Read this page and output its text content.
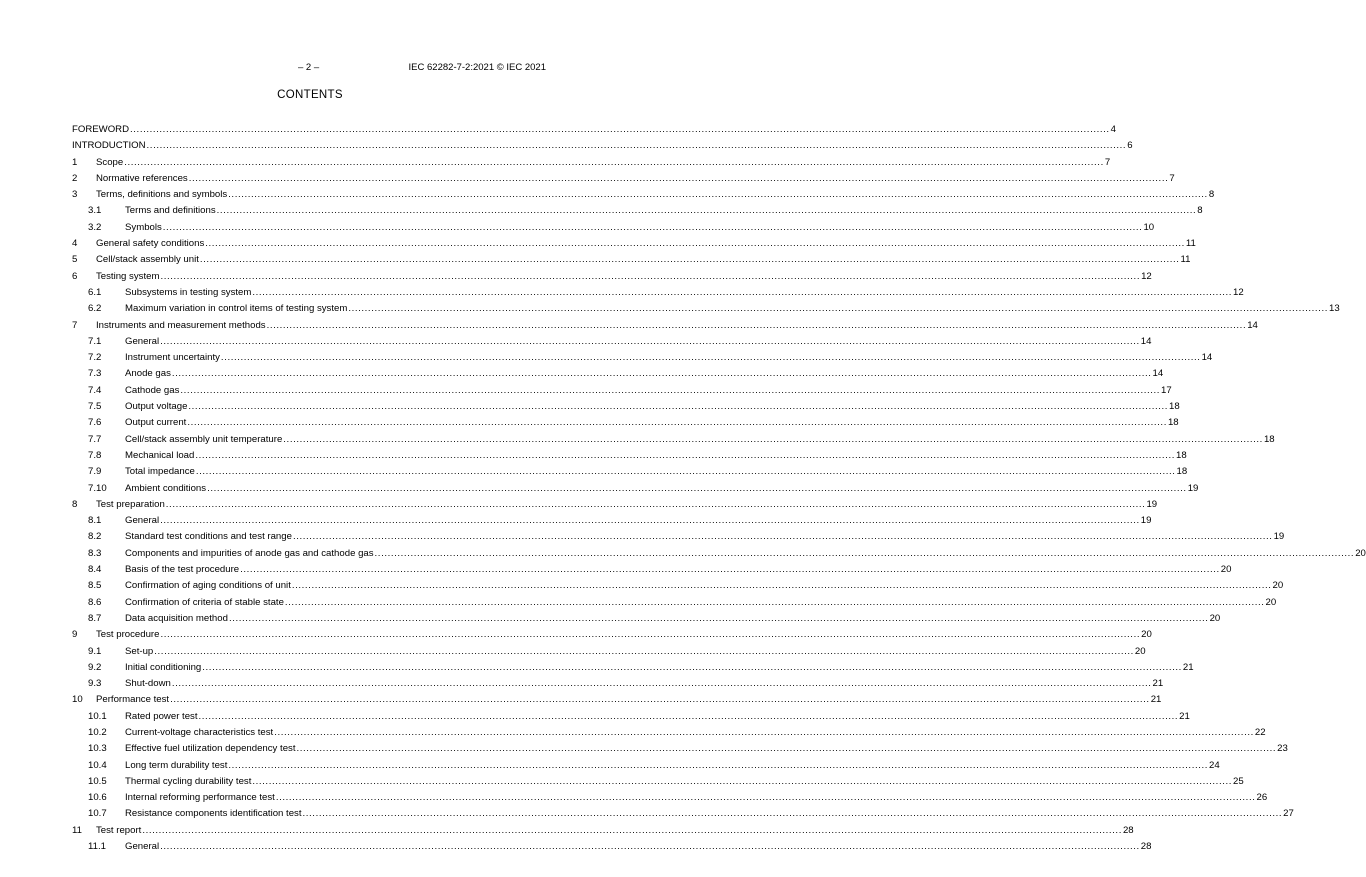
– 2 –	IEC 62282-7-2:2021 © IEC 2021
CONTENTS
FOREWORD ............................................................................................................................................................................................................................................................................................................ 4
INTRODUCTION ............................................................................................................................................................................................................................................................................................................ 6
1 Scope ............................................................................................................................................................................................................................................................................................................ 7
2 Normative references ............................................................................................................................................................................................................................................................................................................ 7
3 Terms, definitions and symbols ............................................................................................................................................................................................................................................................................................................ 8
3.1 Terms and definitions ............................................................................................................................................................................................................................................................................................................ 8
3.2 Symbols ............................................................................................................................................................................................................................................................................................................ 10
4 General safety conditions ............................................................................................................................................................................................................................................................................................................ 11
5 Cell/stack assembly unit ............................................................................................................................................................................................................................................................................................................ 11
6 Testing system ............................................................................................................................................................................................................................................................................................................ 12
6.1 Subsystems in testing system ............................................................................................................................................................................................................................................................................................................ 12
6.2 Maximum variation in control items of testing system ............................................................................................................................................................................................................................................................................................................ 13
7 Instruments and measurement methods ............................................................................................................................................................................................................................................................................................................ 14
7.1 General ............................................................................................................................................................................................................................................................................................................ 14
7.2 Instrument uncertainty ............................................................................................................................................................................................................................................................................................................ 14
7.3 Anode gas ............................................................................................................................................................................................................................................................................................................ 14
7.4 Cathode gas ............................................................................................................................................................................................................................................................................................................ 17
7.5 Output voltage ............................................................................................................................................................................................................................................................................................................ 18
7.6 Output current ............................................................................................................................................................................................................................................................................................................ 18
7.7 Cell/stack assembly unit temperature ............................................................................................................................................................................................................................................................................................................ 18
7.8 Mechanical load ............................................................................................................................................................................................................................................................................................................ 18
7.9 Total impedance ............................................................................................................................................................................................................................................................................................................ 18
7.10 Ambient conditions ............................................................................................................................................................................................................................................................................................................ 19
8 Test preparation ............................................................................................................................................................................................................................................................................................................ 19
8.1 General ............................................................................................................................................................................................................................................................................................................ 19
8.2 Standard test conditions and test range ............................................................................................................................................................................................................................................................................................................ 19
8.3 Components and impurities of anode gas and cathode gas ............................................................................................................................................................................................................................................................................................................ 20
8.4 Basis of the test procedure ............................................................................................................................................................................................................................................................................................................ 20
8.5 Confirmation of aging conditions of unit ............................................................................................................................................................................................................................................................................................................ 20
8.6 Confirmation of criteria of stable state ............................................................................................................................................................................................................................................................................................................ 20
8.7 Data acquisition method ............................................................................................................................................................................................................................................................................................................ 20
9 Test procedure ............................................................................................................................................................................................................................................................................................................ 20
9.1 Set-up ............................................................................................................................................................................................................................................................................................................ 20
9.2 Initial conditioning ............................................................................................................................................................................................................................................................................................................ 21
9.3 Shut-down ............................................................................................................................................................................................................................................................................................................ 21
10 Performance test ............................................................................................................................................................................................................................................................................................................ 21
10.1 Rated power test ............................................................................................................................................................................................................................................................................................................ 21
10.2 Current-voltage characteristics test ............................................................................................................................................................................................................................................................................................................ 22
10.3 Effective fuel utilization dependency test ............................................................................................................................................................................................................................................................................................................ 23
10.4 Long term durability test ............................................................................................................................................................................................................................................................................................................ 24
10.5 Thermal cycling durability test ............................................................................................................................................................................................................................................................................................................ 25
10.6 Internal reforming performance test ............................................................................................................................................................................................................................................................................................................ 26
10.7 Resistance components identification test ............................................................................................................................................................................................................................................................................................................ 27
11 Test report ............................................................................................................................................................................................................................................................................................................ 28
11.1 General ............................................................................................................................................................................................................................................................................................................ 28
